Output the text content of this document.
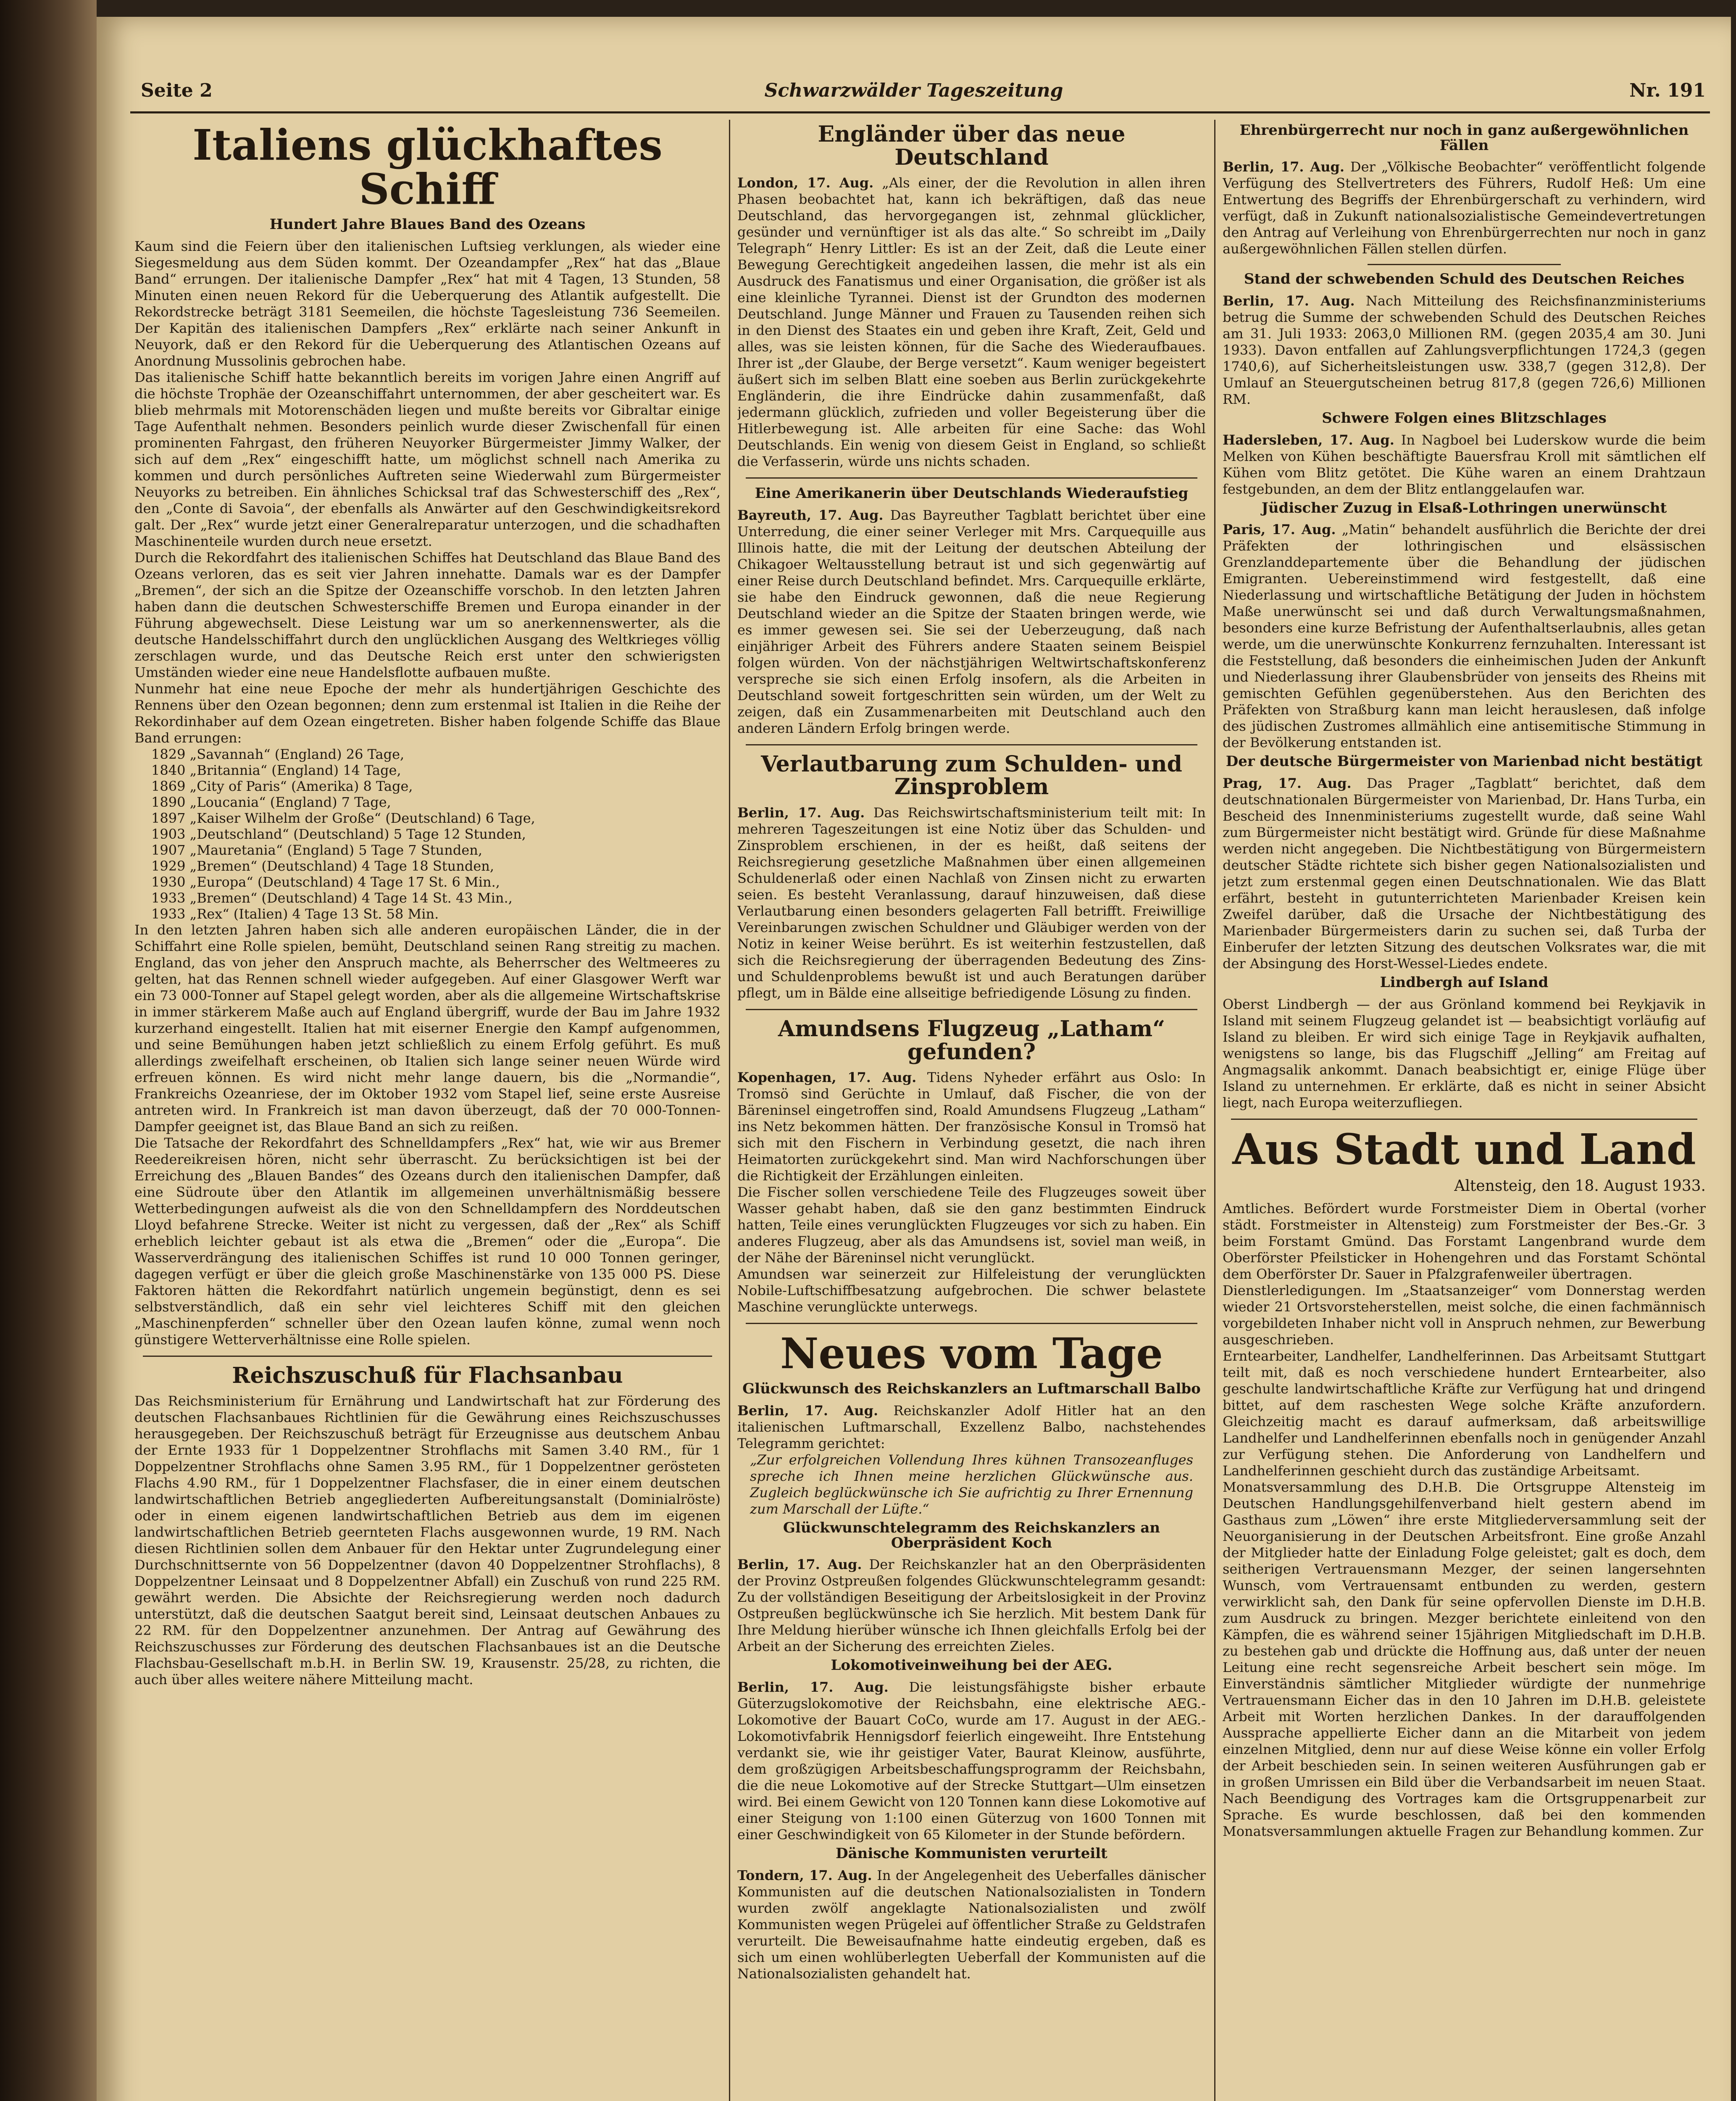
Seite 2	Schwarzwälder Tageszeitung	Nr. 191
Italiens glückhaftes Schiff
Hundert Jahre Blaues Band des Ozeans

Kaum sind die Feiern über den italienischen Luftsieg verklungen, als wieder eine Siegesmeldung aus dem Süden kommt. Der Ozeandampfer „Rex“ hat das „Blaue Band“ errungen. Der italienische Dampfer „Rex“ hat mit 4 Tagen, 13 Stunden, 58 Minuten einen neuen Rekord für die Ueberquerung des Atlantik aufgestellt. Die Rekordstrecke beträgt 3181 Seemeilen, die höchste Tagesleistung 736 Seemeilen. Der Kapitän des italienischen Dampfers „Rex“ erklärte nach seiner Ankunft in Neuyork, daß er den Rekord für die Ueberquerung des Atlantischen Ozeans auf Anordnung Mussolinis gebrochen habe.

Das italienische Schiff hatte bekanntlich bereits im vorigen Jahre einen Angriff auf die höchste Trophäe der Ozeanschiffahrt unternommen, der aber gescheitert war. Es blieb mehrmals mit Motorenschäden liegen und mußte bereits vor Gibraltar einige Tage Aufenthalt nehmen. Besonders peinlich wurde dieser Zwischenfall für einen prominenten Fahrgast, den früheren Neuyorker Bürgermeister Jimmy Walker, der sich auf dem „Rex“ eingeschifft hatte, um möglichst schnell nach Amerika zu kommen und durch persönliches Auftreten seine Wiederwahl zum Bürgermeister Neuyorks zu betreiben. Ein ähnliches Schicksal traf das Schwesterschiff des „Rex“, den „Conte di Savoia“, der ebenfalls als Anwärter auf den Geschwindigkeitsrekord galt. Der „Rex“ wurde jetzt einer Generalreparatur unterzogen, und die schadhaften Maschinenteile wurden durch neue ersetzt.

Durch die Rekordfahrt des italienischen Schiffes hat Deutschland das Blaue Band des Ozeans verloren, das es seit vier Jahren innehatte. Damals war es der Dampfer „Bremen“, der sich an die Spitze der Ozeanschiffe vorschob. In den letzten Jahren haben dann die deutschen Schwesterschiffe Bremen und Europa einander in der Führung abgewechselt. Diese Leistung war um so anerkennenswerter, als die deutsche Handelsschiffahrt durch den unglücklichen Ausgang des Weltkrieges völlig zerschlagen wurde, und das Deutsche Reich erst unter den schwierigsten Umständen wieder eine neue Handelsflotte aufbauen mußte.

Nunmehr hat eine neue Epoche der mehr als hundertjährigen Geschichte des Rennens über den Ozean begonnen; denn zum erstenmal ist Italien in die Reihe der Rekordinhaber auf dem Ozean eingetreten. Bisher haben folgende Schiffe das Blaue Band errungen:

1829 „Savannah“ (England) 26 Tage,
1840 „Britannia“ (England) 14 Tage,
1869 „City of Paris“ (Amerika) 8 Tage,
1890 „Loucania“ (England) 7 Tage,
1897 „Kaiser Wilhelm der Große“ (Deutschland) 6 Tage,
1903 „Deutschland“ (Deutschland) 5 Tage 12 Stunden,
1907 „Mauretania“ (England) 5 Tage 7 Stunden,
1929 „Bremen“ (Deutschland) 4 Tage 18 Stunden,
1930 „Europa“ (Deutschland) 4 Tage 17 St. 6 Min.,
1933 „Bremen“ (Deutschland) 4 Tage 14 St. 43 Min.,
1933 „Rex“ (Italien) 4 Tage 13 St. 58 Min.

In den letzten Jahren haben sich alle anderen europäischen Länder, die in der Schiffahrt eine Rolle spielen, bemüht, Deutschland seinen Rang streitig zu machen. England, das von jeher den Anspruch machte, als Beherrscher des Weltmeeres zu gelten, hat das Rennen schnell wieder aufgegeben. Auf einer Glasgower Werft war ein 73 000-Tonner auf Stapel gelegt worden, aber als die allgemeine Wirtschaftskrise in immer stärkerem Maße auch auf England übergriff, wurde der Bau im Jahre 1932 kurzerhand eingestellt. Italien hat mit eiserner Energie den Kampf aufgenommen, und seine Bemühungen haben jetzt schließlich zu einem Erfolg geführt. Es muß allerdings zweifelhaft erscheinen, ob Italien sich lange seiner neuen Würde wird erfreuen können. Es wird nicht mehr lange dauern, bis die „Normandie“, Frankreichs Ozeanriese, der im Oktober 1932 vom Stapel lief, seine erste Ausreise antreten wird. In Frankreich ist man davon überzeugt, daß der 70 000-Tonnen-Dampfer geeignet ist, das Blaue Band an sich zu reißen.

Die Tatsache der Rekordfahrt des Schnelldampfers „Rex“ hat, wie wir aus Bremer Reedereikreisen hören, nicht sehr überrascht. Zu berücksichtigen ist bei der Erreichung des „Blauen Bandes“ des Ozeans durch den italienischen Dampfer, daß eine Südroute über den Atlantik im allgemeinen unverhältnismäßig bessere Wetterbedingungen aufweist als die von den Schnelldampfern des Norddeutschen Lloyd befahrene Strecke. Weiter ist nicht zu vergessen, daß der „Rex“ als Schiff erheblich leichter gebaut ist als etwa die „Bremen“ oder die „Europa“. Die Wasserverdrängung des italienischen Schiffes ist rund 10 000 Tonnen geringer, dagegen verfügt er über die gleich große Maschinenstärke von 135 000 PS. Diese Faktoren hätten die Rekordfahrt natürlich ungemein begünstigt, denn es sei selbstverständlich, daß ein sehr viel leichteres Schiff mit den gleichen „Maschinenpferden“ schneller über den Ozean laufen könne, zumal wenn noch günstigere Wetterverhältnisse eine Rolle spielen.

Reichszuschuß für Flachsanbau

Das Reichsministerium für Ernährung und Landwirtschaft hat zur Förderung des deutschen Flachsanbaues Richtlinien für die Gewährung eines Reichszuschusses herausgegeben. Der Reichszuschuß beträgt für Erzeugnisse aus deutschem Anbau der Ernte 1933 für 1 Doppelzentner Strohflachs mit Samen 3.40 RM., für 1 Doppelzentner Strohflachs ohne Samen 3.95 RM., für 1 Doppelzentner gerösteten Flachs 4.90 RM., für 1 Doppelzentner Flachsfaser, die in einer einem deutschen landwirtschaftlichen Betrieb angegliederten Aufbereitungsanstalt (Dominialröste) oder in einem eigenen landwirtschaftlichen Betrieb aus dem im eigenen landwirtschaftlichen Betrieb geernteten Flachs ausgewonnen wurde, 19 RM. Nach diesen Richtlinien sollen dem Anbauer für den Hektar unter Zugrundelegung einer Durchschnittsernte von 56 Doppelzentner (davon 40 Doppelzentner Strohflachs), 8 Doppelzentner Leinsaat und 8 Doppelzentner Abfall) ein Zuschuß von rund 225 RM. gewährt werden. Die Absichte der Reichsregierung werden noch dadurch unterstützt, daß die deutschen Saatgut bereit sind, Leinsaat deutschen Anbaues zu 22 RM. für den Doppelzentner anzunehmen. Der Antrag auf Gewährung des Reichszuschusses zur Förderung des deutschen Flachsanbaues ist an die Deutsche Flachsbau-Gesellschaft m.b.H. in Berlin SW. 19, Krausenstr. 25/28, zu richten, die auch über alles weitere nähere Mitteilung macht.

Engländer über das neue Deutschland

London, 17. Aug. „Als einer, der die Revolution in allen ihren Phasen beobachtet hat, kann ich bekräftigen, daß das neue Deutschland, das hervorgegangen ist, zehnmal glücklicher, gesünder und vernünftiger ist als das alte.“ So schreibt im „Daily Telegraph“ Henry Littler: Es ist an der Zeit, daß die Leute einer Bewegung Gerechtigkeit angedeihen lassen, die mehr ist als ein Ausdruck des Fanatismus und einer Organisation, die größer ist als eine kleinliche Tyrannei. Dienst ist der Grundton des modernen Deutschland. Junge Männer und Frauen zu Tausenden reihen sich in den Dienst des Staates ein und geben ihre Kraft, Zeit, Geld und alles, was sie leisten können, für die Sache des Wiederaufbaues. Ihrer ist „der Glaube, der Berge versetzt“. Kaum weniger begeistert äußert sich im selben Blatt eine soeben aus Berlin zurückgekehrte Engländerin, die ihre Eindrücke dahin zusammenfaßt, daß jedermann glücklich, zufrieden und voller Begeisterung über die Hitlerbewegung ist. Alle arbeiten für eine Sache: das Wohl Deutschlands. Ein wenig von diesem Geist in England, so schließt die Verfasserin, würde uns nichts schaden.

Eine Amerikanerin über Deutschlands Wiederaufstieg

Bayreuth, 17. Aug. Das Bayreuther Tagblatt berichtet über eine Unterredung, die einer seiner Verleger mit Mrs. Carquequille aus Illinois hatte, die mit der Leitung der deutschen Abteilung der Chikagoer Weltausstellung betraut ist und sich gegenwärtig auf einer Reise durch Deutschland befindet. Mrs. Carquequille erklärte, sie habe den Eindruck gewonnen, daß die neue Regierung Deutschland wieder an die Spitze der Staaten bringen werde, wie es immer gewesen sei. Sie sei der Ueberzeugung, daß nach einjähriger Arbeit des Führers andere Staaten seinem Beispiel folgen würden. Von der nächstjährigen Weltwirtschaftskonferenz verspreche sie sich einen Erfolg insofern, als die Arbeiten in Deutschland soweit fortgeschritten sein würden, um der Welt zu zeigen, daß ein Zusammenarbeiten mit Deutschland auch den anderen Ländern Erfolg bringen werde.

Verlautbarung zum Schulden- und Zinsproblem

Berlin, 17. Aug. Das Reichswirtschaftsministerium teilt mit: In mehreren Tageszeitungen ist eine Notiz über das Schulden- und Zinsproblem erschienen, in der es heißt, daß seitens der Reichsregierung gesetzliche Maßnahmen über einen allgemeinen Schuldenerlaß oder einen Nachlaß von Zinsen nicht zu erwarten seien. Es besteht Veranlassung, darauf hinzuweisen, daß diese Verlautbarung einen besonders gelagerten Fall betrifft. Freiwillige Vereinbarungen zwischen Schuldner und Gläubiger werden von der Notiz in keiner Weise berührt. Es ist weiterhin festzustellen, daß sich die Reichsregierung der überragenden Bedeutung des Zins- und Schuldenproblems bewußt ist und auch Beratungen darüber pflegt, um in Bälde eine allseitige befriedigende Lösung zu finden.

Amundsens Flugzeug „Latham“ gefunden?

Kopenhagen, 17. Aug. Tidens Nyheder erfährt aus Oslo: In Tromsö sind Gerüchte in Umlauf, daß Fischer, die von der Bäreninsel eingetroffen sind, Roald Amundsens Flugzeug „Latham“ ins Netz bekommen hätten. Der französische Konsul in Tromsö hat sich mit den Fischern in Verbindung gesetzt, die nach ihren Heimatorten zurückgekehrt sind. Man wird Nachforschungen über die Richtigkeit der Erzählungen einleiten.

Die Fischer sollen verschiedene Teile des Flugzeuges soweit über Wasser gehabt haben, daß sie den ganz bestimmten Eindruck hatten, Teile eines verunglückten Flugzeuges vor sich zu haben. Ein anderes Flugzeug, aber als das Amundsens ist, soviel man weiß, in der Nähe der Bäreninsel nicht verunglückt.

Amundsen war seinerzeit zur Hilfeleistung der verunglückten Nobile-Luftschiffbesatzung aufgebrochen. Die schwer belastete Maschine verunglückte unterwegs.

Neues vom Tage
Glückwunsch des Reichskanzlers an Luftmarschall Balbo

Berlin, 17. Aug. Reichskanzler Adolf Hitler hat an den italienischen Luftmarschall, Exzellenz Balbo, nachstehendes Telegramm gerichtet:

„Zur erfolgreichen Vollendung Ihres kühnen Transozeanfluges spreche ich Ihnen meine herzlichen Glückwünsche aus. Zugleich beglückwünsche ich Sie aufrichtig zu Ihrer Ernennung zum Marschall der Lüfte.“

Glückwunschtelegramm des Reichskanzlers an Oberpräsident Koch

Berlin, 17. Aug. Der Reichskanzler hat an den Oberpräsidenten der Provinz Ostpreußen folgendes Glückwunschtelegramm gesandt: Zu der vollständigen Beseitigung der Arbeitslosigkeit in der Provinz Ostpreußen beglückwünsche ich Sie herzlich. Mit bestem Dank für Ihre Meldung hierüber wünsche ich Ihnen gleichfalls Erfolg bei der Arbeit an der Sicherung des erreichten Zieles.

Lokomotiveinweihung bei der AEG.

Berlin, 17. Aug. Die leistungsfähigste bisher erbaute Güterzugslokomotive der Reichsbahn, eine elektrische AEG.-Lokomotive der Bauart CoCo, wurde am 17. August in der AEG.-Lokomotivfabrik Hennigsdorf feierlich eingeweiht. Ihre Entstehung verdankt sie, wie ihr geistiger Vater, Baurat Kleinow, ausführte, dem großzügigen Arbeitsbeschaffungsprogramm der Reichsbahn, die die neue Lokomotive auf der Strecke Stuttgart—Ulm einsetzen wird. Bei einem Gewicht von 120 Tonnen kann diese Lokomotive auf einer Steigung von 1:100 einen Güterzug von 1600 Tonnen mit einer Geschwindigkeit von 65 Kilometer in der Stunde befördern.

Dänische Kommunisten verurteilt

Tondern, 17. Aug. In der Angelegenheit des Ueberfalles dänischer Kommunisten auf die deutschen Nationalsozialisten in Tondern wurden zwölf angeklagte Nationalsozialisten und zwölf Kommunisten wegen Prügelei auf öffentlicher Straße zu Geldstrafen verurteilt. Die Beweisaufnahme hatte eindeutig ergeben, daß es sich um einen wohlüberlegten Ueberfall der Kommunisten auf die Nationalsozialisten gehandelt hat.

Ehrenbürgerrecht nur noch in ganz außergewöhnlichen Fällen

Berlin, 17. Aug. Der „Völkische Beobachter“ veröffentlicht folgende Verfügung des Stellvertreters des Führers, Rudolf Heß: Um eine Entwertung des Begriffs der Ehrenbürgerschaft zu verhindern, wird verfügt, daß in Zukunft nationalsozialistische Gemeindevertretungen den Antrag auf Verleihung von Ehrenbürgerrechten nur noch in ganz außergewöhnlichen Fällen stellen dürfen.

Stand der schwebenden Schuld des Deutschen Reiches

Berlin, 17. Aug. Nach Mitteilung des Reichsfinanzministeriums betrug die Summe der schwebenden Schuld des Deutschen Reiches am 31. Juli 1933: 2063,0 Millionen RM. (gegen 2035,4 am 30. Juni 1933). Davon entfallen auf Zahlungsverpflichtungen 1724,3 (gegen 1740,6), auf Sicherheitsleistungen usw. 338,7 (gegen 312,8). Der Umlauf an Steuergutscheinen betrug 817,8 (gegen 726,6) Millionen RM.

Schwere Folgen eines Blitzschlages

Hadersleben, 17. Aug. In Nagboel bei Luderskow wurde die beim Melken von Kühen beschäftigte Bauersfrau Kroll mit sämtlichen elf Kühen vom Blitz getötet. Die Kühe waren an einem Drahtzaun festgebunden, an dem der Blitz entlanggelaufen war.

Jüdischer Zuzug in Elsaß-Lothringen unerwünscht

Paris, 17. Aug. „Matin“ behandelt ausführlich die Berichte der drei Präfekten der lothringischen und elsässischen Grenzlanddepartemente über die Behandlung der jüdischen Emigranten. Uebereinstimmend wird festgestellt, daß eine Niederlassung und wirtschaftliche Betätigung der Juden in höchstem Maße unerwünscht sei und daß durch Verwaltungsmaßnahmen, besonders eine kurze Befristung der Aufenthaltserlaubnis, alles getan werde, um die unerwünschte Konkurrenz fernzuhalten. Interessant ist die Feststellung, daß besonders die einheimischen Juden der Ankunft und Niederlassung ihrer Glaubensbrüder von jenseits des Rheins mit gemischten Gefühlen gegenüberstehen. Aus den Berichten des Präfekten von Straßburg kann man leicht herauslesen, daß infolge des jüdischen Zustromes allmählich eine antisemitische Stimmung in der Bevölkerung entstanden ist.

Der deutsche Bürgermeister von Marienbad nicht bestätigt

Prag, 17. Aug. Das Prager „Tagblatt“ berichtet, daß dem deutschnationalen Bürgermeister von Marienbad, Dr. Hans Turba, ein Bescheid des Innenministeriums zugestellt wurde, daß seine Wahl zum Bürgermeister nicht bestätigt wird. Gründe für diese Maßnahme werden nicht angegeben. Die Nichtbestätigung von Bürgermeistern deutscher Städte richtete sich bisher gegen Nationalsozialisten und jetzt zum erstenmal gegen einen Deutschnationalen. Wie das Blatt erfährt, besteht in gutunterrichteten Marienbader Kreisen kein Zweifel darüber, daß die Ursache der Nichtbestätigung des Marienbader Bürgermeisters darin zu suchen sei, daß Turba der Einberufer der letzten Sitzung des deutschen Volksrates war, die mit der Absingung des Horst-Wessel-Liedes endete.

Lindbergh auf Island

Oberst Lindbergh — der aus Grönland kommend bei Reykjavik in Island mit seinem Flugzeug gelandet ist — beabsichtigt vorläufig auf Island zu bleiben. Er wird sich einige Tage in Reykjavik aufhalten, wenigstens so lange, bis das Flugschiff „Jelling“ am Freitag auf Angmagsalik ankommt. Danach beabsichtigt er, einige Flüge über Island zu unternehmen. Er erklärte, daß es nicht in seiner Absicht liegt, nach Europa weiterzufliegen.

Aus Stadt und Land
Altensteig, den 18. August 1933.

Amtliches. Befördert wurde Forstmeister Diem in Obertal (vorher städt. Forstmeister in Altensteig) zum Forstmeister der Bes.-Gr. 3 beim Forstamt Gmünd. Das Forstamt Langenbrand wurde dem Oberförster Pfeilsticker in Hohengehren und das Forstamt Schöntal dem Oberförster Dr. Sauer in Pfalzgrafenweiler übertragen.

Dienstlerledigungen. Im „Staatsanzeiger“ vom Donnerstag werden wieder 21 Ortsvorsteherstellen, meist solche, die einen fachmännisch vorgebildeten Inhaber nicht voll in Anspruch nehmen, zur Bewerbung ausgeschrieben.

Erntearbeiter, Landhelfer, Landhelferinnen. Das Arbeitsamt Stuttgart teilt mit, daß es noch verschiedene hundert Erntearbeiter, also geschulte landwirtschaftliche Kräfte zur Verfügung hat und dringend bittet, auf dem raschesten Wege solche Kräfte anzufordern. Gleichzeitig macht es darauf aufmerksam, daß arbeitswillige Landhelfer und Landhelferinnen ebenfalls noch in genügender Anzahl zur Verfügung stehen. Die Anforderung von Landhelfern und Landhelferinnen geschieht durch das zuständige Arbeitsamt.

Monatsversammlung des D.H.B. Die Ortsgruppe Altensteig im Deutschen Handlungsgehilfenverband hielt gestern abend im Gasthaus zum „Löwen“ ihre erste Mitgliederversammlung seit der Neuorganisierung in der Deutschen Arbeitsfront. Eine große Anzahl der Mitglieder hatte der Einladung Folge geleistet; galt es doch, dem seitherigen Vertrauensmann Mezger, der seinen langersehnten Wunsch, vom Vertrauensamt entbunden zu werden, gestern verwirklicht sah, den Dank für seine opfervollen Dienste im D.H.B. zum Ausdruck zu bringen. Mezger berichtete einleitend von den Kämpfen, die es während seiner 15jährigen Mitgliedschaft im D.H.B. zu bestehen gab und drückte die Hoffnung aus, daß unter der neuen Leitung eine recht segensreiche Arbeit beschert sein möge. Im Einverständnis sämtlicher Mitglieder würdigte der nunmehrige Vertrauensmann Eicher das in den 10 Jahren im D.H.B. geleistete Arbeit mit Worten herzlichen Dankes. In der darauffolgenden Aussprache appellierte Eicher dann an die Mitarbeit von jedem einzelnen Mitglied, denn nur auf diese Weise könne ein voller Erfolg der Arbeit beschieden sein. In seinen weiteren Ausführungen gab er in großen Umrissen ein Bild über die Verbandsarbeit im neuen Staat. Nach Beendigung des Vortrages kam die Ortsgruppenarbeit zur Sprache. Es wurde beschlossen, daß bei den kommenden Monatsversammlungen aktuelle Fragen zur Behandlung kommen. Zur
